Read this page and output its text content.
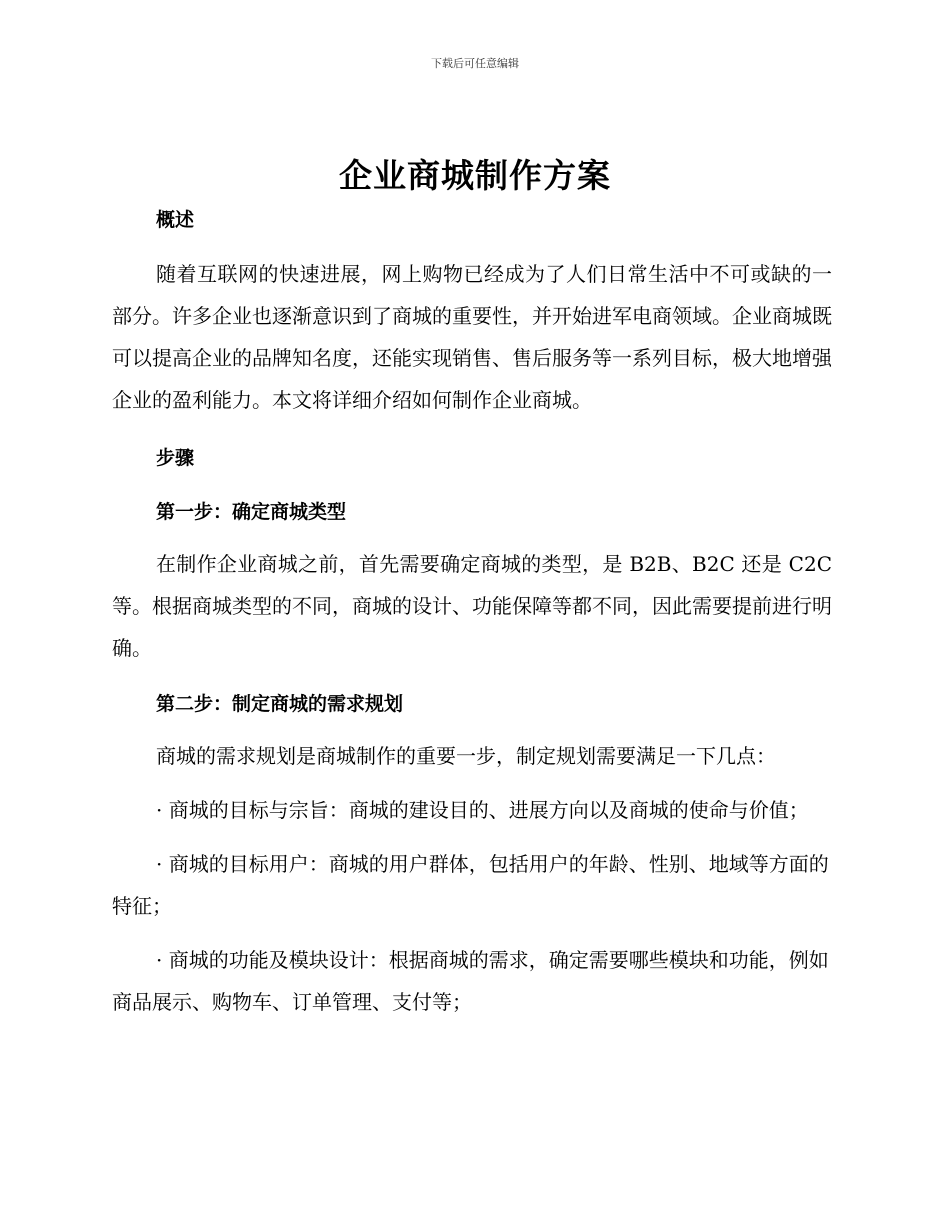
下载后可任意编辑
企业商城制作方案
概述
随着互联网的快速进展，网上购物已经成为了人们日常生活中不可或缺的一部分。许多企业也逐渐意识到了商城的重要性，并开始进军电商领域。企业商城既可以提高企业的品牌知名度，还能实现销售、售后服务等一系列目标，极大地增强企业的盈利能力。本文将详细介绍如何制作企业商城。
步骤
第一步：确定商城类型
在制作企业商城之前，首先需要确定商城的类型，是 B2B、B2C 还是 C2C 等。根据商城类型的不同，商城的设计、功能保障等都不同，因此需要提前进行明确。
第二步：制定商城的需求规划
商城的需求规划是商城制作的重要一步，制定规划需要满足一下几点：
· 商城的目标与宗旨：商城的建设目的、进展方向以及商城的使命与价值；
· 商城的目标用户：商城的用户群体，包括用户的年龄、性别、地域等方面的特征；
· 商城的功能及模块设计：根据商城的需求，确定需要哪些模块和功能，例如商品展示、购物车、订单管理、支付等；
